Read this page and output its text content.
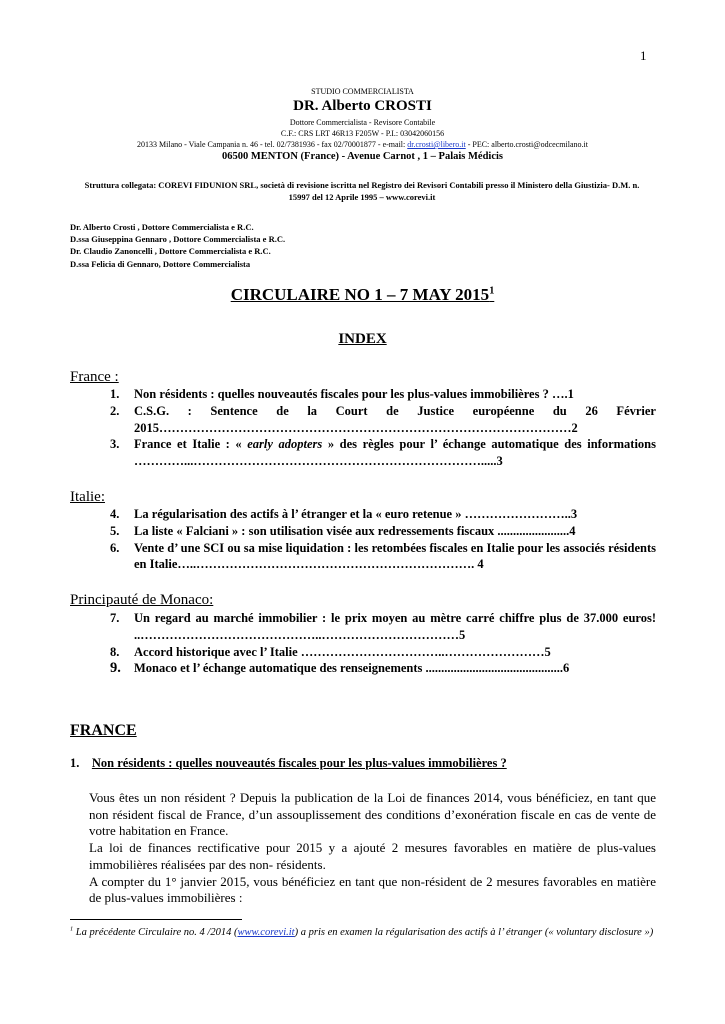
1
STUDIO COMMERCIALISTA
DR. Alberto CROSTI
Dottore Commercialista - Revisore Contabile
C.F.: CRS LRT 46R13 F205W - P.I.: 03042060156
20133 Milano - Viale Campania n. 46 - tel. 02/7381936 - fax 02/70001877 - e-mail: dr.crosti@libero.it - PEC: alberto.crosti@odcecmilano.it
06500 MENTON (France) - Avenue Carnot , 1 – Palais Médicis
Struttura collegata: COREVI FIDUNION SRL, società di revisione iscritta nel Registro dei Revisori Contabili presso il Ministero della Giustizia- D.M. n. 15997 del 12 Aprile 1995 – www.corevi.it
Dr. Alberto Crosti , Dottore Commercialista e R.C.
D.ssa Giuseppina Gennaro , Dottore Commercialista e R.C.
Dr. Claudio Zanoncelli , Dottore Commercialista e R.C.
D.ssa Felicia di Gennaro, Dottore Commercialista
CIRCULAIRE NO 1 – 7 MAY 2015$^1$
INDEX
France :
1. Non résidents : quelles nouveautés fiscales pour les plus-values immobilières ? ….1
2. C.S.G. : Sentence de la Court de Justice européenne du 26 Février 2015………………………………………………………………………………………2
3. France et Italie : « early adopters » des règles pour l’ échange automatique des informations …………...…………………………………………………………….....3
Italie:
4. La régularisation des actifs à l’ étranger et la « euro retenue » ……………………..3
5. La liste « Falciani » : son utilisation visée aux redressements fiscaux .......................4
6. Vente d’ une SCI ou sa mise liquidation : les retombées fiscales en Italie pour les associés résidents en Italie…..…………………………………………………………. 4
Principauté de Monaco:
7. Un regard au marché immobilier : le prix moyen au mètre carré chiffre plus de 37.000 euros! ..……………………………………..……………………………5
8. Accord historique avec l’ Italie ……………………………..……………………5
9. Monaco et l’ échange automatique des renseignements ............................................6
FRANCE
1. Non résidents : quelles nouveautés fiscales pour les plus-values immobilières ?

Vous êtes un non résident ? Depuis la publication de la Loi de finances 2014, vous bénéficiez, en tant que non résident fiscal de France, d’un assouplissement des conditions d’exonération fiscale en cas de vente de votre habitation en France.

La loi de finances rectificative pour 2015 y a ajouté 2 mesures favorables en matière de plus-values immobilières réalisées par des non- résidents.

A compter du 1° janvier 2015, vous bénéficiez en tant que non-résident de 2 mesures favorables en matière de plus-values immobilières :

$^1$ La précédente Circulaire no. 4 /2014 (www.corevi.it) a pris en examen la régularisation des actifs à l’ étranger (« voluntary disclosure »)
